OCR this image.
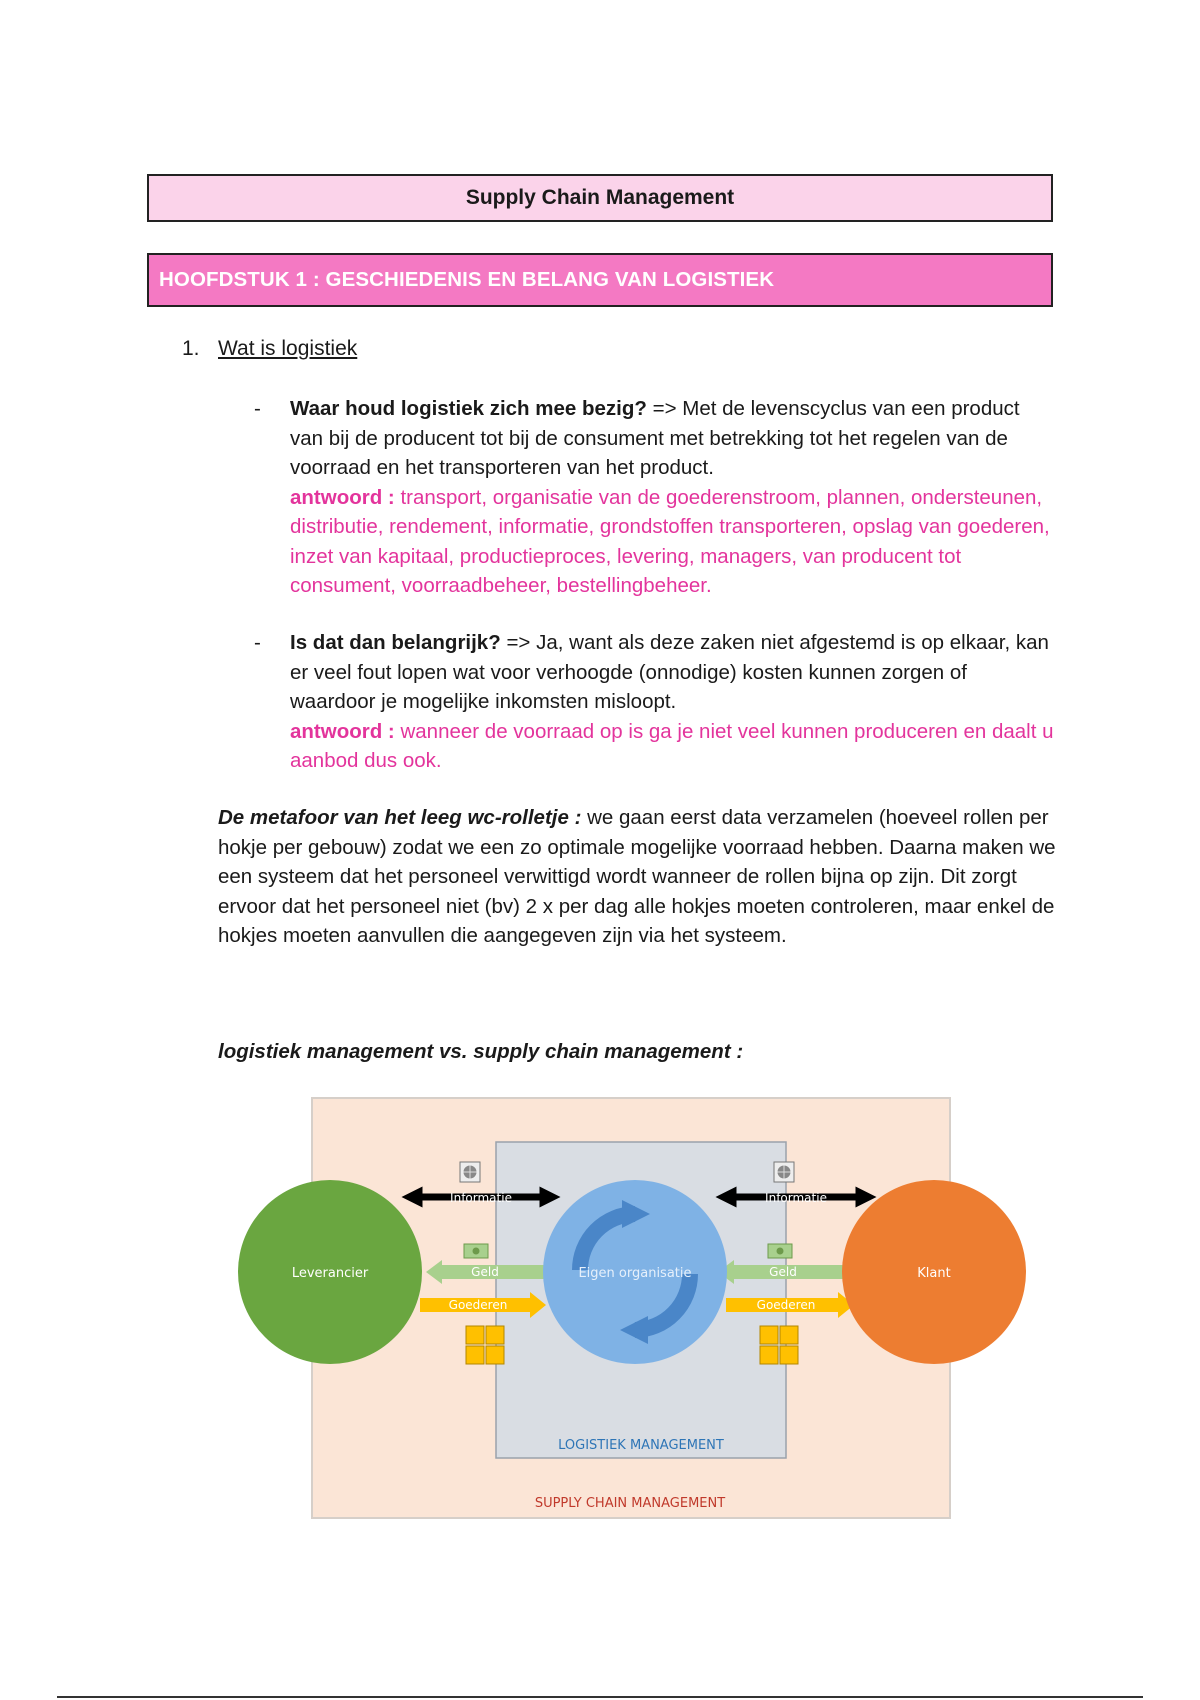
Supply Chain Management
HOOFDSTUK 1 : GESCHIEDENIS EN BELANG VAN LOGISTIEK
1. Wat is logistiek
- Waar houd logistiek zich mee bezig? => Met de levenscyclus van een product van bij de producent tot bij de consument met betrekking tot het regelen van de voorraad en het transporteren van het product.
antwoord : transport, organisatie van de goederenstroom, plannen, ondersteunen, distributie, rendement, informatie, grondstoffen transporteren, opslag van goederen, inzet van kapitaal, productieproces, levering, managers, van producent tot consument, voorraadbeheer, bestellingbeheer.
- Is dat dan belangrijk? => Ja, want als deze zaken niet afgestemd is op elkaar, kan er veel fout lopen wat voor verhoogde (onnodige) kosten kunnen zorgen of waardoor je mogelijke inkomsten misloopt.
antwoord : wanneer de voorraad op is ga je niet veel kunnen produceren en daalt u aanbod dus ook.
De metafoor van het leeg wc-rolletje : we gaan eerst data verzamelen (hoeveel rollen per hokje per gebouw) zodat we een zo optimale mogelijke voorraad hebben. Daarna maken we een systeem dat het personeel verwittigd wordt wanneer de rollen bijna op zijn. Dit zorgt ervoor dat het personeel niet (bv) 2 x per dag alle hokjes moeten controleren, maar enkel de hokjes moeten aanvullen die aangegeven zijn via het systeem.
logistiek management vs. supply chain management :
Informatie	Informatie
Geld	Geld
Goederen	Goederen
Leverancier	Eigen organisatie	Klant
LOGISTIEK MANAGEMENT
SUPPLY CHAIN MANAGEMENT
